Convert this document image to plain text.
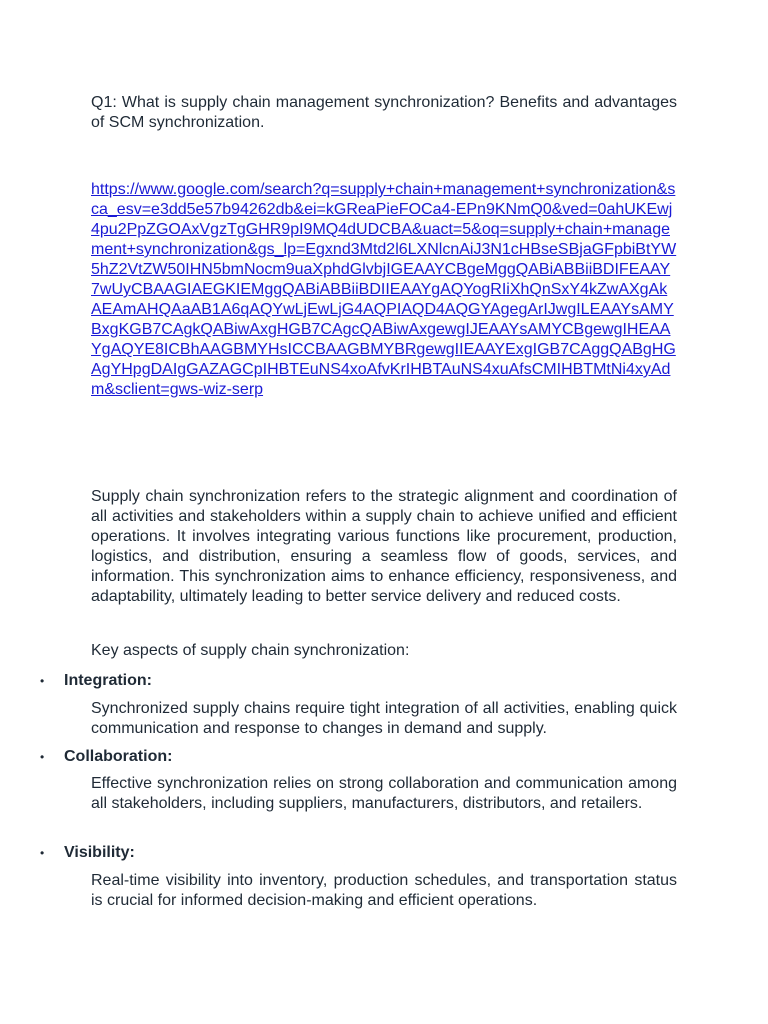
Q1: What is supply chain management synchronization? Benefits and advantages of SCM synchronization.

https://www.google.com/search?q=supply+chain+management+synchronization&sca_esv=e3dd5e57b94262db&ei=kGReaPieFOCa4-EPn9KNmQ0&ved=0ahUKEwj4pu2PpZGOAxVgzTgGHR9pI9MQ4dUDCBA&uact=5&oq=supply+chain+management+synchronization&gs_lp=Egxnd3Mtd2l6LXNlcnAiJ3N1cHBseSBjaGFpbiBtYW5hZ2VtZW50IHN5bmNocm9uaXphdGlvbjIGEAAYCBgeMggQABiABBiiBDIFEAAY7wUyCBAAGIAEGKIEMggQABiABBiiBDIIEAAYgAQYogRIiXhQnSxY4kZwAXgAkAEAmAHQAaAB1A6qAQYwLjEwLjG4AQPIAQD4AQGYAgegArIJwgILEAAYsAMYBxgKGB7CAgkQABiwAxgHGB7CAgcQABiwAxgewgIJEAAYsAMYCBgewgIHEAAYgAQYE8ICBhAAGBMYHsICCBAAGBMYBRgewgIIEAAYExgIGB7CAggQABgHGAgYHpgDAIgGAZAGCpIHBTEuNS4xoAfvKrIHBTAuNS4xuAfsCMIHBTMtNi4xyAdm&sclient=gws-wiz-serp

Supply chain synchronization refers to the strategic alignment and coordination of all activities and stakeholders within a supply chain to achieve unified and efficient operations. It involves integrating various functions like procurement, production, logistics, and distribution, ensuring a seamless flow of goods, services, and information. This synchronization aims to enhance efficiency, responsiveness, and adaptability, ultimately leading to better service delivery and reduced costs.

Key aspects of supply chain synchronization:

• Integration:

Synchronized supply chains require tight integration of all activities, enabling quick communication and response to changes in demand and supply.

• Collaboration:

Effective synchronization relies on strong collaboration and communication among all stakeholders, including suppliers, manufacturers, distributors, and retailers.

• Visibility:

Real-time visibility into inventory, production schedules, and transportation status is crucial for informed decision-making and efficient operations.
